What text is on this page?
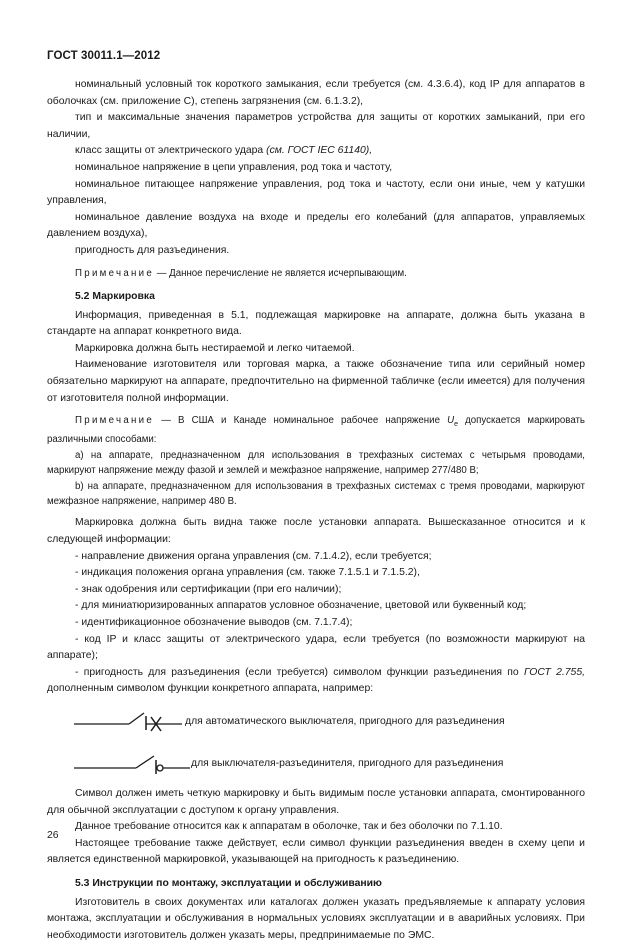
ГОСТ 30011.1—2012

номинальный условный ток короткого замыкания, если требуется (см. 4.3.6.4), код IP для аппаратов в оболочках (см. приложение С), степень загрязнения (см. 6.1.3.2),

тип и максимальные значения параметров устройства для защиты от коротких замыканий, при его наличии,

класс защиты от электрического удара (см. ГОСТ IEC 61140),

номинальное напряжение в цепи управления, род тока и частоту,

номинальное питающее напряжение управления, род тока и частоту, если они иные, чем у катушки управления,

номинальное давление воздуха на входе и пределы его колебаний (для аппаратов, управляемых давлением воздуха),

пригодность для разъединения.

Примечание — Данное перечисление не является исчерпывающим.

5.2 Маркировка

Информация, приведенная в 5.1, подлежащая маркировке на аппарате, должна быть указана в стандарте на аппарат конкретного вида.

Маркировка должна быть нестираемой и легко читаемой.

Наименование изготовителя или торговая марка, а также обозначение типа или серийный номер обязательно маркируют на аппарате, предпочтительно на фирменной табличке (если имеется) для получения от изготовителя полной информации.

Примечание — В США и Канаде номинальное рабочее напряжение $U_e$ допускается маркировать различными способами:

a) на аппарате, предназначенном для использования в трехфазных системах с четырьмя проводами, маркируют напряжение между фазой и землей и межфазное напряжение, например 277/480 В;

b) на аппарате, предназначенном для использования в трехфазных системах с тремя проводами, маркируют межфазное напряжение, например 480 В.

Маркировка должна быть видна также после установки аппарата. Вышесказанное относится и к следующей информации:

- направление движения органа управления (см. 7.1.4.2), если требуется;

- индикация положения органа управления (см. также 7.1.5.1 и 7.1.5.2),

- знак одобрения или сертификации (при его наличии);

- для миниатюризированных аппаратов условное обозначение, цветовой или буквенный код;

- идентификационное обозначение выводов (см. 7.1.7.4);

- код IP и класс защиты от электрического удара, если требуется (по возможности маркируют на аппарате);

- пригодность для разъединения (если требуется) символом функции разъединения по ГОСТ 2.755, дополненным символом функции конкретного аппарата, например:

для автоматического выключателя, пригодного для разъединения
для выключателя-разъединителя, пригодного для разъединения

Символ должен иметь четкую маркировку и быть видимым после установки аппарата, смонтированного для обычной эксплуатации с доступом к органу управления.

Данное требование относится как к аппаратам в оболочке, так и без оболочки по 7.1.10.

Настоящее требование также действует, если символ функции разъединения введен в схему цепи и является единственной маркировкой, указывающей на пригодность к разъединению.

5.3 Инструкции по монтажу, эксплуатации и обслуживанию

Изготовитель в своих документах или каталогах должен указать предъявляемые к аппарату условия монтажа, эксплуатации и обслуживания в нормальных условиях эксплуатации и в аварийных условиях. При необходимости изготовитель должен указать меры, предпринимаемые по ЭМС.

26
